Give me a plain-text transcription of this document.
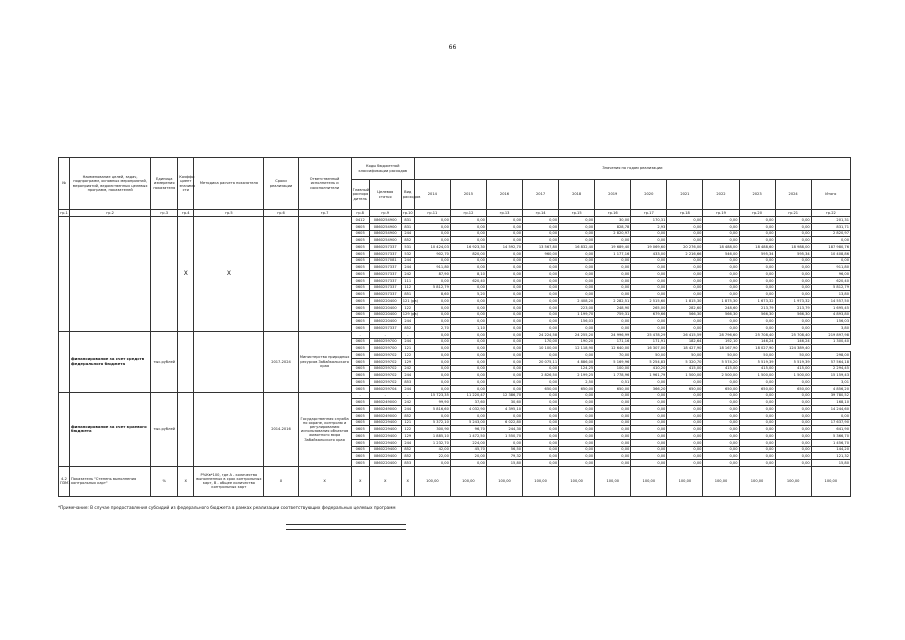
66
№	Наименование целей, задач, подпрограмм, основных мероприятий, мероприятий, ведомственных целевых программ, показателей	Единица измерения показателя	Коэффи циент значимо сти	Методика расчета показателя	Сроки реализации	Ответственный исполнитель и соисполнители	Коды бюджетной классификации расходов			Значения по годам реализации											
							Главный распоря дитель	Целевая статья	Вид расходов	2014	2015	2016	2017	2018	2019	2020	2021	2022	2023	2024	Итого
гр.1	гр.2	гр.3	гр.4	гр.5	гр.6	гр.7	гр.8	гр.9	гр.10	гр.11	гр.12	гр.13	гр.14	гр.15	гр.16	гр.17	гр.18	гр.19	гр.20	гр.21	гр.22
			Х	Х			0412	0860254900	831	0,00	0,00	0,00	0,00	0,00	30,00	170,31	0,00	0,00	0,00	0,00	201,31
							0605	0860254900	831	0,00	0,00	0,00	0,00	0,00	828,78	2,93	0,00	0,00	0,00	0,00	831,71
							0605	0860254900	244	0,00	0,00	0,00	0,00	0,00	2 820,97	0,00	0,00	0,00	0,00	0,00	2 820,97
							0605	0860254900	852	0,00	0,00	0,00	0,00	0,00	0,00	0,00	0,00	0,00	0,00	0,00	0,00
							0605	0860257337	531	10 424,03	16 923,30	14 592,70	13 567,80	16 832,40	19 689,40	19 069,60	20 276,00	18 488,00	18 488,60	18 988,00	187 980,76
							0605	0860257337	532	902,70	820,00	0,00	960,00	0,00	1 177,16	433,00	2 216,66	546,00	595,34	595,34	10 408,86
							0605	0860257081	244	0,00	0,00	0,00	0,00	0,00	0,00	0,00	0,00	0,00	0,00	0,00	0,00
							0605	0860257337	244	911,80	0,00	0,00	0,00	0,00	0,00	0,00	0,00	0,00	0,00	0,00	911,80
							0605	0860257337	242	87,90	8,10	0,00	0,00	0,00	0,00	0,00	0,00	0,00	0,00	0,00	96,00
							0605	0860257337	111	0,00	620,40	0,00	0,00	0,00	0,00	0,00	0,00	0,00	0,00	0,00	620,40
							0605	0860257337	112	5 812,79	0,00	0,00	0,00	0,00	0,00	0,00	0,00	0,00	0,00	0,00	5 812,79
							0605	0860257337	851	8,60	5,20	0,00	0,00	0,00	0,00	0,00	0,00	0,00	0,00	0,00	13,80
							0605	0860220400	121 (ра)	0,00	0,00	0,00	0,00	2 408,20	2 282,51	2 515,60	1 815,30	1 875,30	1 673,32	1 973,32	14 557,50
							0605	0860220400	122	0,00	0,00	0,00	0,00	223,00	248,90	265,00	282,60	248,60	213,79	213,79	1 695,45
							0605	0860220400	129 (ра)	0,00	0,00	0,00	0,00	1 199,70	759,31	679,66	566,30	566,30	566,30	566,30	4 893,80
							0605	0860220400	244	0,00	0,00	0,00	0,00	156,03	0,00	0,00	0,00	0,00	0,00	0,00	156,03
							0605	0860257337	852	2,70	1,10	0,00	0,00	0,00	0,00	0,00	0,00	0,00	0,00	0,00	3,80
	финансирование за счет средств федерального бюджета	тыс.рублей			2017-2024	Министерство природных ресурсов Забайкальского края	-	-	-	0,00	0,00	0,00	24 224,58	24 255,20	24 996,99	25 478,29	26 415,59	28 796,60	25 708,40	25 708,40	219 897,98
							0605	0860259700	244	0,00	0,00	0,00	170,00	190,20	171,16	171,91	182,64	192,10	146,24	146,24	1 300,40
							0605	0860259700	121	0,00	0,00	0,00	10 100,00	12 118,90	12 640,00	16 307,00	18 427,90	18 167,90	18 027,90	124 389,40	
							0605	0860259702	122	0,00	0,00	0,00	0,00	0,00	70,00	50,00	50,00	50,00	50,00	50,00	298,00
							0605	0860259702	129	0,00	0,00	0,00	20 075,11	4 886,00	5 169,96	5 254,83	5 320,70	5 574,20	5 519,39	5 519,39	57 564,18
							0605	0860259702	242	0,00	0,00	0,00	0,00	124,25	100,00	410,20	415,00	415,00	415,00	415,00	2 294,45
							0605	0860259702	244	0,00	0,00	0,00	2 826,50	2 199,25	1 778,96	1 961,79	1 500,00	2 500,00	1 500,00	1 500,00	15 159,43
							0605	0860259702	853	0,00	0,00	0,00	0,00	2,50	0,51	0,00	0,00	0,00	0,00	0,00	3,01
							0605	0860259704	244	0,00	0,00	0,00	650,00	650,00	650,00	366,20	650,00	650,00	650,00	650,00	4 856,20
	финансирование за счет краевого бюджета	тыс.рублей			2014-2016	Государственная служба по охране, контролю и регулированию использования объектов животного мира Забайкальского края	-	-	-	15 723,35	11 220,47	12 386,70	0,00	0,00	0,00	0,00	0,00	0,00	0,00	0,00	39 780,52
							0605	0860249000	242	99,90	37,60	30,60	0,00	0,00	0,00	0,00	0,00	0,00	0,00	0,00	168,10
							0605	0860249000	244	5 816,60	4 032,90	4 395,10	0,00	0,00	0,00	0,00	0,00	0,00	0,00	0,00	14 244,60
							0605	0860249000	852	0,00	0,00	0,00	0,00	0,00	0,00	0,00	0,00	0,00	0,00	0,00	0,00
							0605	0860229400	121	5 372,10	5 243,00	6 022,80	0,00	0,00	0,00	0,00	0,00	0,00	0,00	0,00	17 637,90
							0605	0860229400	122	300,90	96,70	244,30	0,00	0,00	0,00	0,00	0,00	0,00	0,00	0,00	641,90
							0605	0860229400	129	1 885,10	1 472,50	1 550,70	0,00	0,00	0,00	0,00	0,00	0,00	0,00	0,00	5 366,70
							0605	0860229400	244	1 232,70	224,00	0,00	0,00	0,00	0,00	0,00	0,00	0,00	0,00	0,00	1 456,70
							0605	0860229400	852	42,00	45,70	56,50	0,00	0,00	0,00	0,00	0,00	0,00	0,00	0,00	144,20
							0605	0860229400	852	22,00	20,00	79,32	0,00	0,00	0,00	0,00	0,00	0,00	0,00	0,00	121,32
							0605	0860220400	853	0,00	0,00	15,80	0,00	0,00	0,00	0,00	0,00	0,00	0,00	0,00	15,80
4.2 ПЗМ1	Показатель "Степень выполнения контрольных карт"	%	Х	P%Кв*100, где А - количество выполненных в срок контрольных карт, В - общее количество контрольных карт	Х	Х	Х	Х	Х	100,00	100,00	100,00	100,00	100,00	100,00	100,00	100,00	100,00	100,00	100,00	100,00
*Примечание: В случае предоставления субсидий из федерального бюджета в рамках реализации соответствующих федеральных целевых программ
